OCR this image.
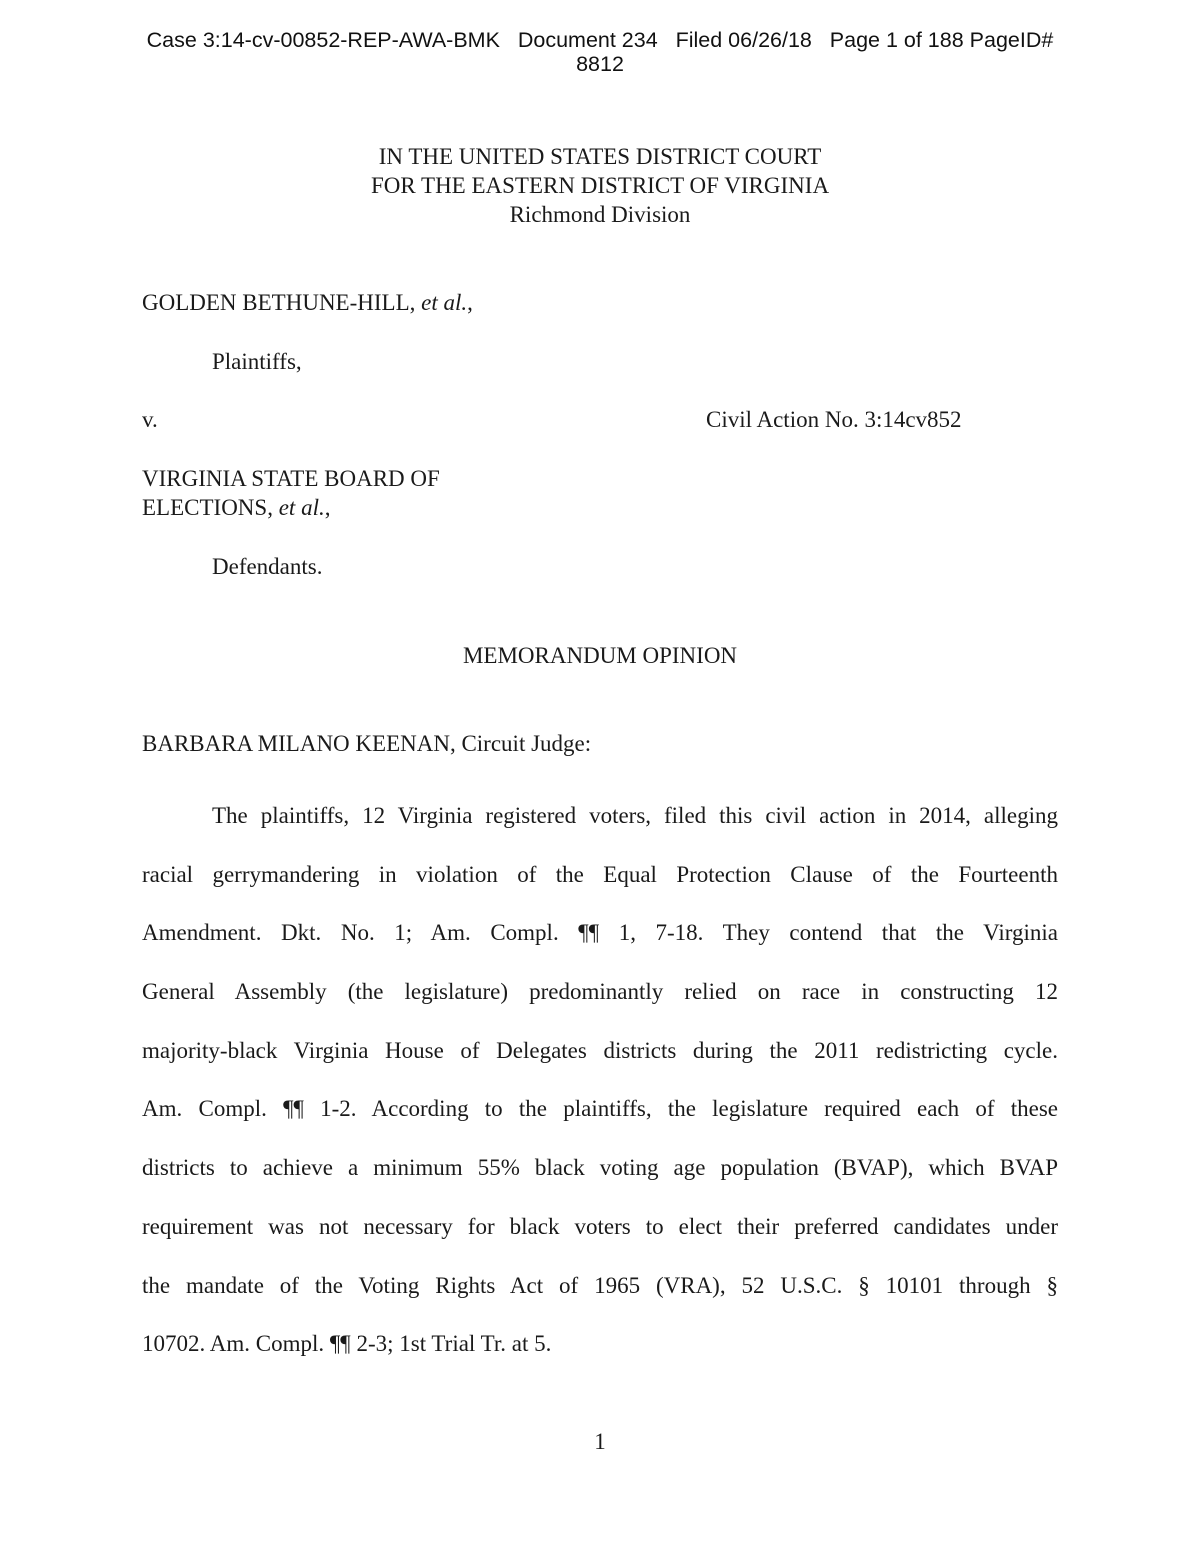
Case 3:14-cv-00852-REP-AWA-BMK   Document 234   Filed 06/26/18   Page 1 of 188 PageID#
8812
IN THE UNITED STATES DISTRICT COURT
FOR THE EASTERN DISTRICT OF VIRGINIA
Richmond Division
GOLDEN BETHUNE-HILL, et al.,
Plaintiffs,
v.	Civil Action No. 3:14cv852
VIRGINIA STATE BOARD OF
ELECTIONS, et al.,
Defendants.
MEMORANDUM OPINION
BARBARA MILANO KEENAN, Circuit Judge:
The plaintiffs, 12 Virginia registered voters, filed this civil action in 2014, alleging
racial gerrymandering in violation of the Equal Protection Clause of the Fourteenth
Amendment. Dkt. No. 1; Am. Compl. ¶¶ 1, 7-18. They contend that the Virginia
General Assembly (the legislature) predominantly relied on race in constructing 12
majority-black Virginia House of Delegates districts during the 2011 redistricting cycle.
Am. Compl. ¶¶ 1-2. According to the plaintiffs, the legislature required each of these
districts to achieve a minimum 55% black voting age population (BVAP), which BVAP
requirement was not necessary for black voters to elect their preferred candidates under
the mandate of the Voting Rights Act of 1965 (VRA), 52 U.S.C. § 10101 through §
10702. Am. Compl. ¶¶ 2-3; 1st Trial Tr. at 5.
1
